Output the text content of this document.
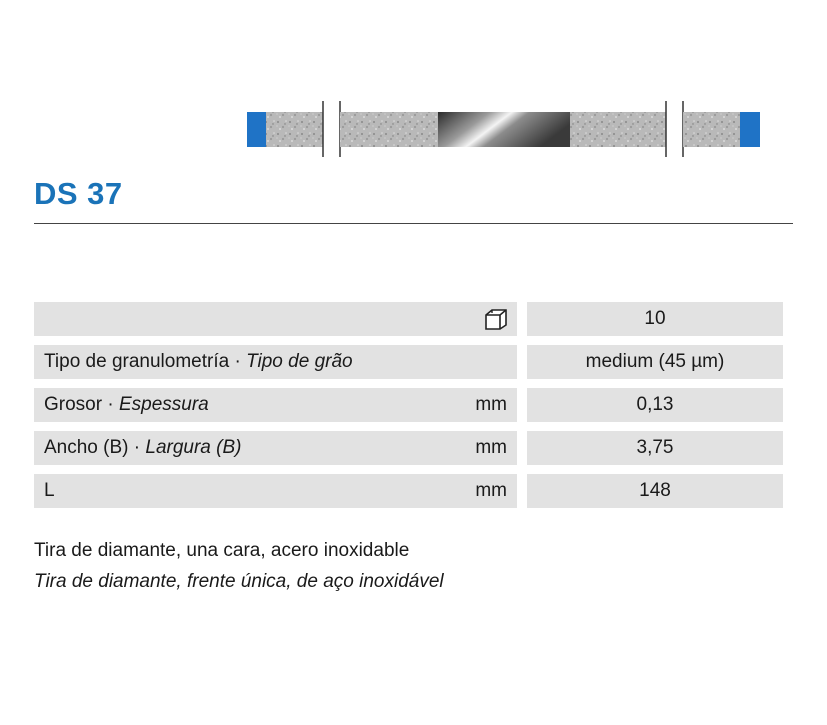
DS 37
10
Tipo de granulometría · Tipo de grão	medium (45 µm)
Grosor · Espessura	mm	0,13
Ancho (B) · Largura (B)	mm	3,75
L	mm	148
Tira de diamante, una cara, acero inoxidable
Tira de diamante, frente única, de aço inoxidável
